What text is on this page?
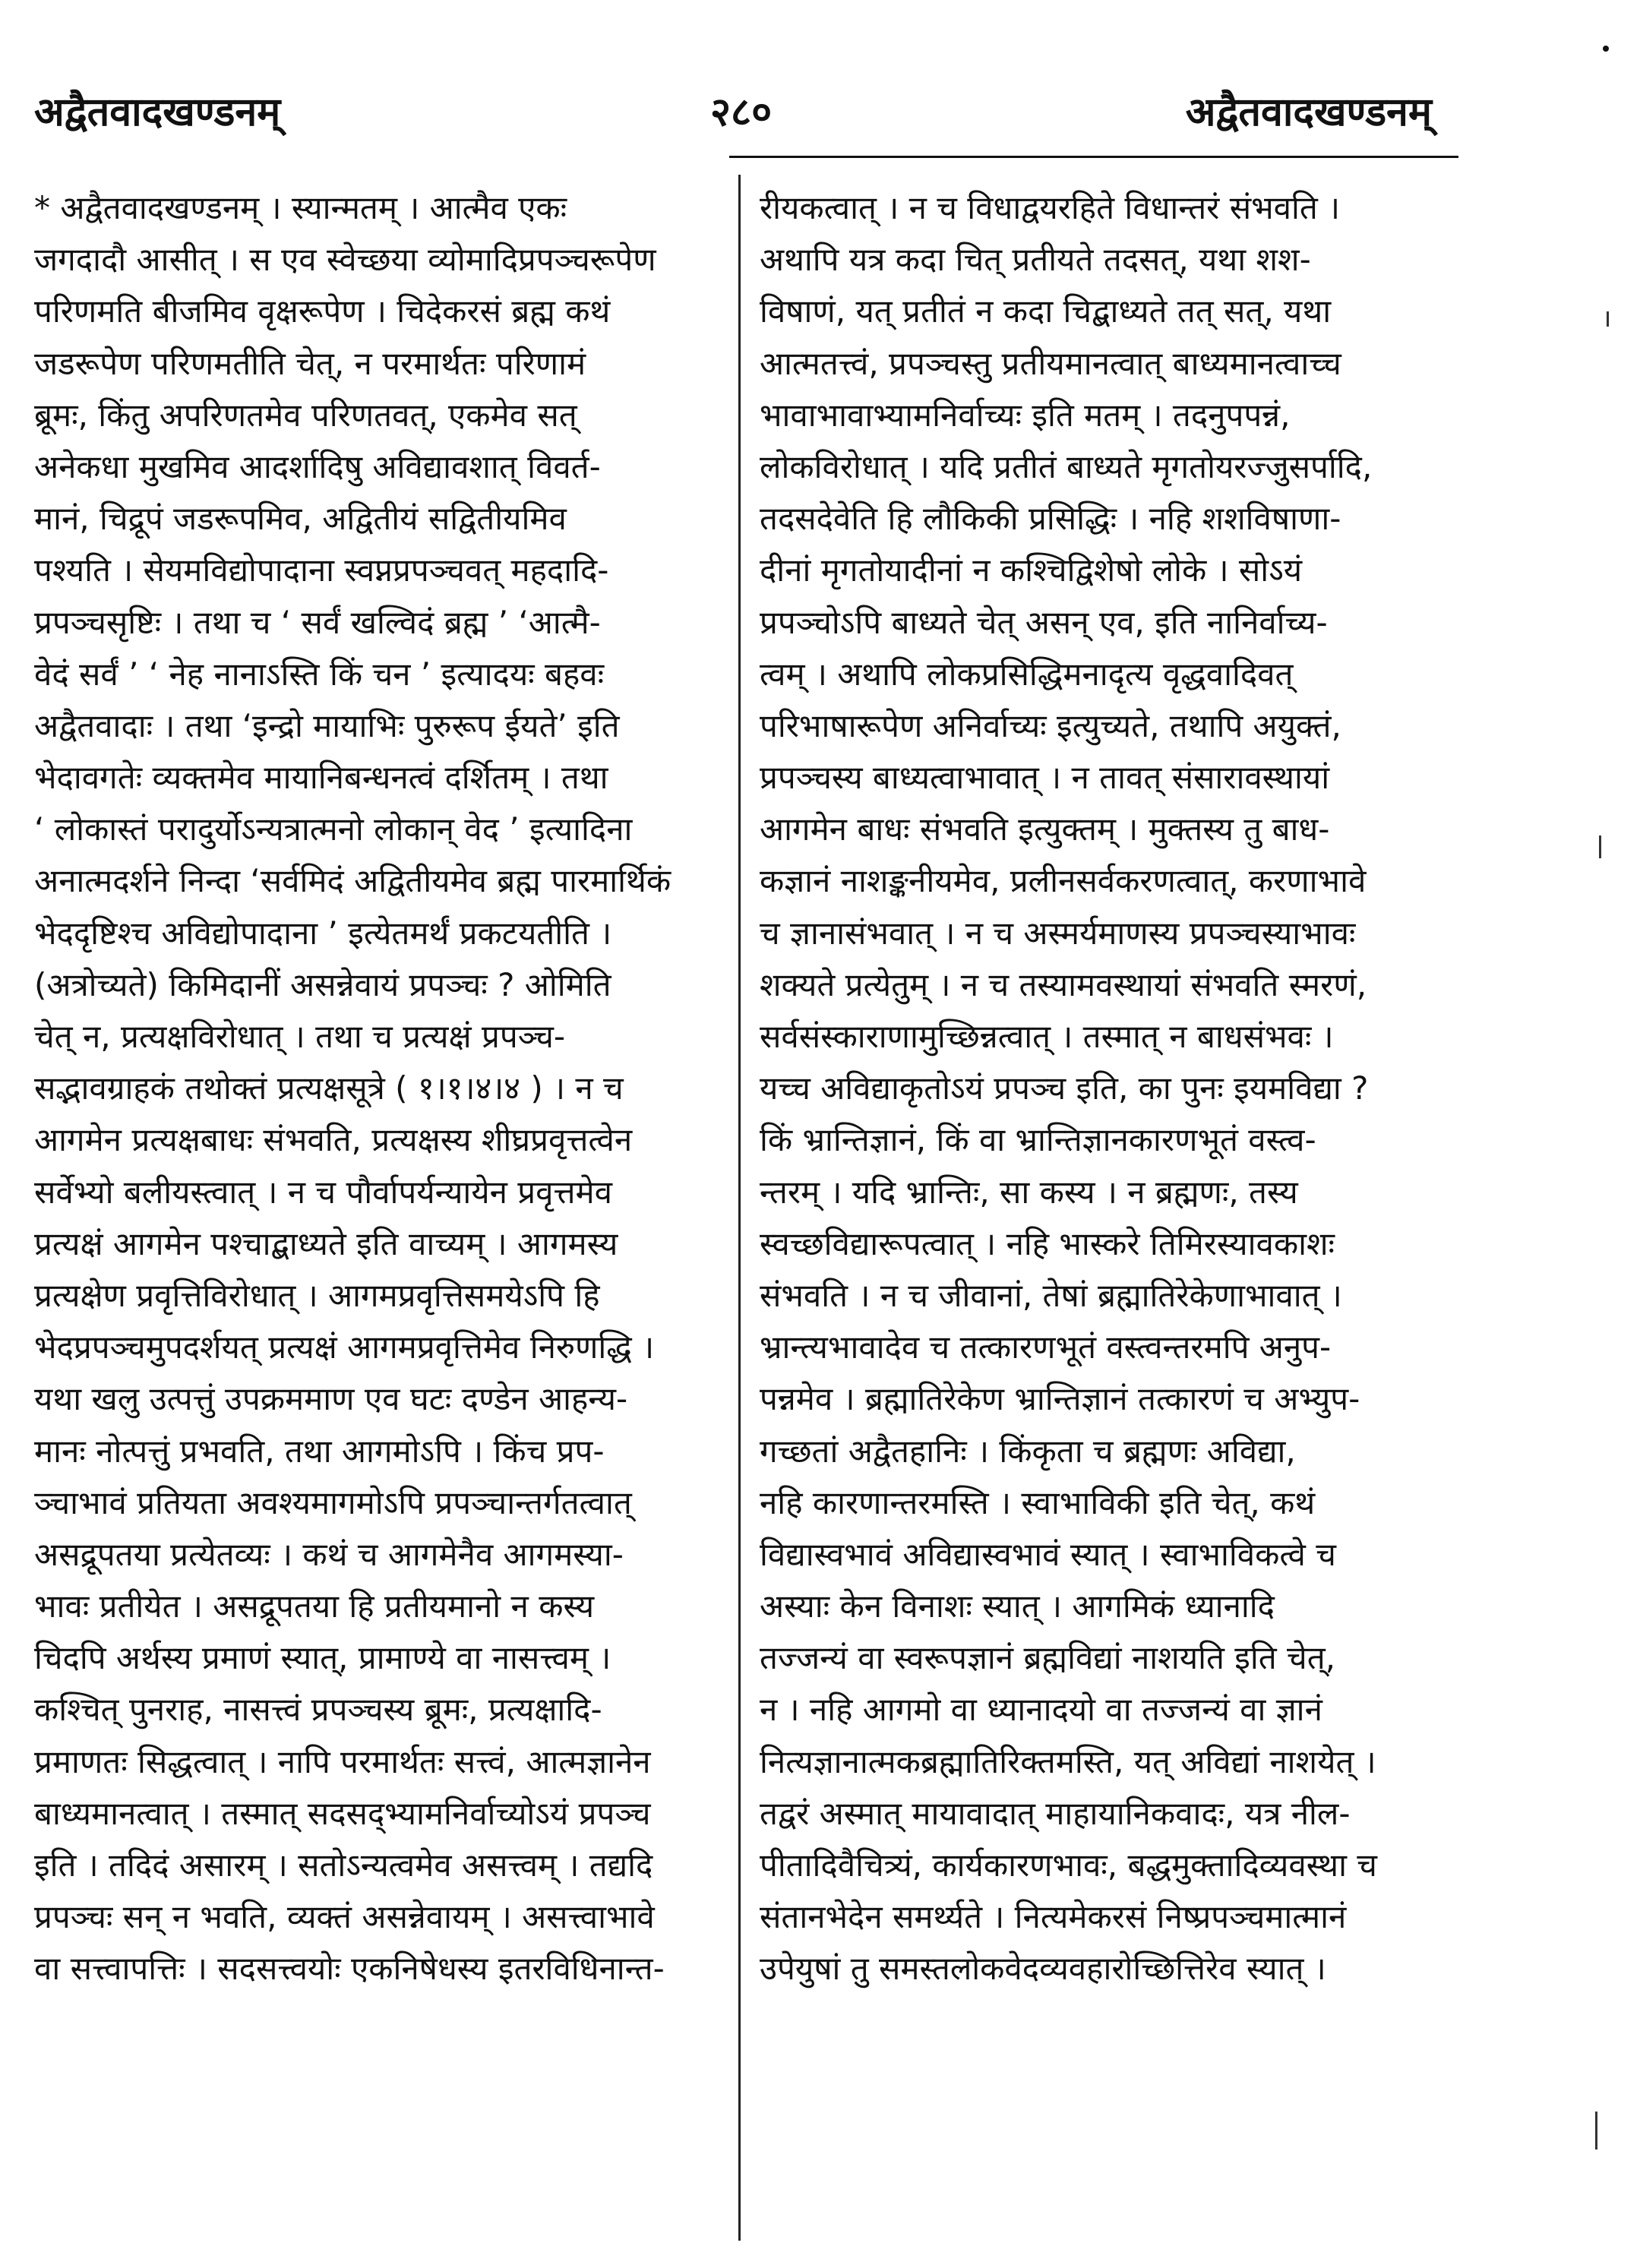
अद्वैतवादखण्डनम्	२८०	अद्वैतवादखण्डनम्
* अद्वैतवादखण्डनम् । स्यान्मतम् । आत्मैव एकः
जगदादौ आसीत् । स एव स्वेच्छया व्योमादिप्रपञ्चरूपेण
परिणमति बीजमिव वृक्षरूपेण । चिदेकरसं ब्रह्म कथं
जडरूपेण परिणमतीति चेत्, न परमार्थतः परिणामं
ब्रूमः, किंतु अपरिणतमेव परिणतवत्, एकमेव सत्
अनेकधा मुखमिव आदर्शादिषु अविद्यावशात् विवर्त-
मानं, चिद्रूपं जडरूपमिव, अद्वितीयं सद्वितीयमिव
पश्यति । सेयमविद्योपादाना स्वप्नप्रपञ्चवत् महदादि-
प्रपञ्चसृष्टिः । तथा च ‘ सर्वं खल्विदं ब्रह्म ’ ‘आत्मै-
वेदं सर्वं ’ ‘ नेह नानाऽस्ति किं चन ’ इत्यादयः बहवः
अद्वैतवादाः । तथा ‘इन्द्रो मायाभिः पुरुरूप ईयते’ इति
भेदावगतेः व्यक्तमेव मायानिबन्धनत्वं दर्शितम् । तथा
‘ लोकास्तं परादुर्योऽन्यत्रात्मनो लोकान् वेद ’ इत्यादिना
अनात्मदर्शने निन्दा ‘सर्वमिदं अद्वितीयमेव ब्रह्म पारमार्थिकं
भेददृष्टिश्च अविद्योपादाना ’ इत्येतमर्थं प्रकटयतीति ।
(अत्रोच्यते) किमिदानीं असन्नेवायं प्रपञ्चः ? ओमिति
चेत् न, प्रत्यक्षविरोधात् । तथा च प्रत्यक्षं प्रपञ्च-
सद्भावग्राहकं तथोक्तं प्रत्यक्षसूत्रे ( १।१।४।४ ) । न च
आगमेन प्रत्यक्षबाधः संभवति, प्रत्यक्षस्य शीघ्रप्रवृत्तत्वेन
सर्वेभ्यो बलीयस्त्वात् । न च पौर्वापर्यन्यायेन प्रवृत्तमेव
प्रत्यक्षं आगमेन पश्चाद्बाध्यते इति वाच्यम् । आगमस्य
प्रत्यक्षेण प्रवृत्तिविरोधात् । आगमप्रवृत्तिसमयेऽपि हि
भेदप्रपञ्चमुपदर्शयत् प्रत्यक्षं आगमप्रवृत्तिमेव निरुणद्धि ।
यथा खलु उत्पत्तुं उपक्रममाण एव घटः दण्डेन आहन्य-
मानः नोत्पत्तुं प्रभवति, तथा आगमोऽपि । किंच प्रप-
ञ्चाभावं प्रतियता अवश्यमागमोऽपि प्रपञ्चान्तर्गतत्वात्
असद्रूपतया प्रत्येतव्यः । कथं च आगमेनैव आगमस्या-
भावः प्रतीयेत । असद्रूपतया हि प्रतीयमानो न कस्य
चिदपि अर्थस्य प्रमाणं स्यात्, प्रामाण्ये वा नासत्त्वम् ।
कश्चित् पुनराह, नासत्त्वं प्रपञ्चस्य ब्रूमः, प्रत्यक्षादि-
प्रमाणतः सिद्धत्वात् । नापि परमार्थतः सत्त्वं, आत्मज्ञानेन
बाध्यमानत्वात् । तस्मात् सदसद्भ्यामनिर्वाच्योऽयं प्रपञ्च
इति । तदिदं असारम् । सतोऽन्यत्वमेव असत्त्वम् । तद्यदि
प्रपञ्चः सन् न भवति, व्यक्तं असन्नेवायम् । असत्त्वाभावे
वा सत्त्वापत्तिः । सदसत्त्वयोः एकनिषेधस्य इतरविधिनान्त-
रीयकत्वात् । न च विधाद्वयरहिते विधान्तरं संभवति ।
अथापि यत्र कदा चित् प्रतीयते तदसत्, यथा शश-
विषाणं, यत् प्रतीतं न कदा चिद्बाध्यते तत् सत्, यथा
आत्मतत्त्वं, प्रपञ्चस्तु प्रतीयमानत्वात् बाध्यमानत्वाच्च
भावाभावाभ्यामनिर्वाच्यः इति मतम् । तदनुपपन्नं,
लोकविरोधात् । यदि प्रतीतं बाध्यते मृगतोयरज्जुसर्पादि,
तदसदेवेति हि लौकिकी प्रसिद्धिः । नहि शशविषाणा-
दीनां मृगतोयादीनां न कश्चिद्विशेषो लोके । सोऽयं
प्रपञ्चोऽपि बाध्यते चेत् असन् एव, इति नानिर्वाच्य-
त्वम् । अथापि लोकप्रसिद्धिमनादृत्य वृद्धवादिवत्
परिभाषारूपेण अनिर्वाच्यः इत्युच्यते, तथापि अयुक्तं,
प्रपञ्चस्य बाध्यत्वाभावात् । न तावत् संसारावस्थायां
आगमेन बाधः संभवति इत्युक्तम् । मुक्तस्य तु बाध-
कज्ञानं नाशङ्कनीयमेव, प्रलीनसर्वकरणत्वात्, करणाभावे
च ज्ञानासंभवात् । न च अस्मर्यमाणस्य प्रपञ्चस्याभावः
शक्यते प्रत्येतुम् । न च तस्यामवस्थायां संभवति स्मरणं,
सर्वसंस्काराणामुच्छिन्नत्वात् । तस्मात् न बाधसंभवः ।
यच्च अविद्याकृतोऽयं प्रपञ्च इति, का पुनः इयमविद्या ?
किं भ्रान्तिज्ञानं, किं वा भ्रान्तिज्ञानकारणभूतं वस्त्व-
न्तरम् । यदि भ्रान्तिः, सा कस्य । न ब्रह्मणः, तस्य
स्वच्छविद्यारूपत्वात् । नहि भास्करे तिमिरस्यावकाशः
संभवति । न च जीवानां, तेषां ब्रह्मातिरेकेणाभावात् ।
भ्रान्त्यभावादेव च तत्कारणभूतं वस्त्वन्तरमपि अनुप-
पन्नमेव । ब्रह्मातिरेकेण भ्रान्तिज्ञानं तत्कारणं च अभ्युप-
गच्छतां अद्वैतहानिः । किंकृता च ब्रह्मणः अविद्या,
नहि कारणान्तरमस्ति । स्वाभाविकी इति चेत्, कथं
विद्यास्वभावं अविद्यास्वभावं स्यात् । स्वाभाविकत्वे च
अस्याः केन विनाशः स्यात् । आगमिकं ध्यानादि
तज्जन्यं वा स्वरूपज्ञानं ब्रह्मविद्यां नाशयति इति चेत्,
न । नहि आगमो वा ध्यानादयो वा तज्जन्यं वा ज्ञानं
नित्यज्ञानात्मकब्रह्मातिरिक्तमस्ति, यत् अविद्यां नाशयेत् ।
तद्वरं अस्मात् मायावादात् माहायानिकवादः, यत्र नील-
पीतादिवैचित्र्यं, कार्यकारणभावः, बद्धमुक्तादिव्यवस्था च
संतानभेदेन समर्थ्यते । नित्यमेकरसं निष्प्रपञ्चमात्मानं
उपेयुषां तु समस्तलोकवेदव्यवहारोच्छित्तिरेव स्यात् ।
